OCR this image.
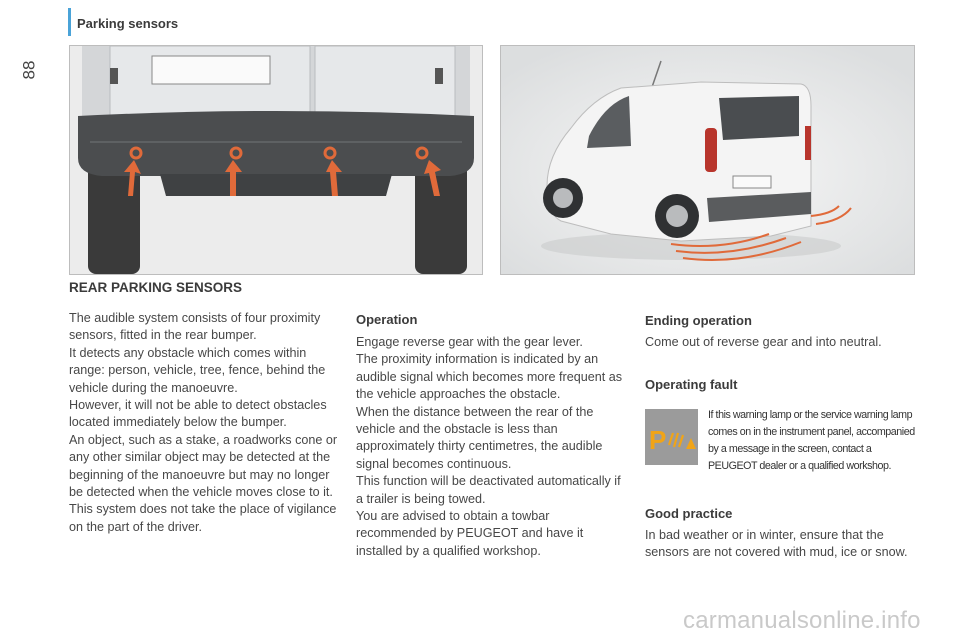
Parking sensors
88
REAR PARKING SENSORS

The audible system consists of four proximity sensors, fitted in the rear bumper.

It detects any obstacle which comes within range: person, vehicle, tree, fence, behind the vehicle during the manoeuvre.

However, it will not be able to detect obstacles located immediately below the bumper.

An object, such as a stake, a roadworks cone or any other similar object may be detected at the beginning of the manoeuvre but may no longer be detected when the vehicle moves close to it.

This system does not take the place of vigilance on the part of the driver.

Operation

Engage reverse gear with the gear lever.

The proximity information is indicated by an audible signal which becomes more frequent as the vehicle approaches the obstacle.

When the distance between the rear of the vehicle and the obstacle is less than approximately thirty centimetres, the audible signal becomes continuous.

This function will be deactivated automatically if a trailer is being towed.

You are advised to obtain a towbar recommended by PEUGEOT and have it installed by a qualified workshop.

Ending operation
Come out of reverse gear and into neutral.
Operating fault
P
If this warning lamp or the service warning lamp comes on in the instrument panel, accompanied by a message in the screen, contact a PEUGEOT dealer or a qualified workshop.
Good practice
In bad weather or in winter, ensure that the sensors are not covered with mud, ice or snow.
carmanualsonline.info
